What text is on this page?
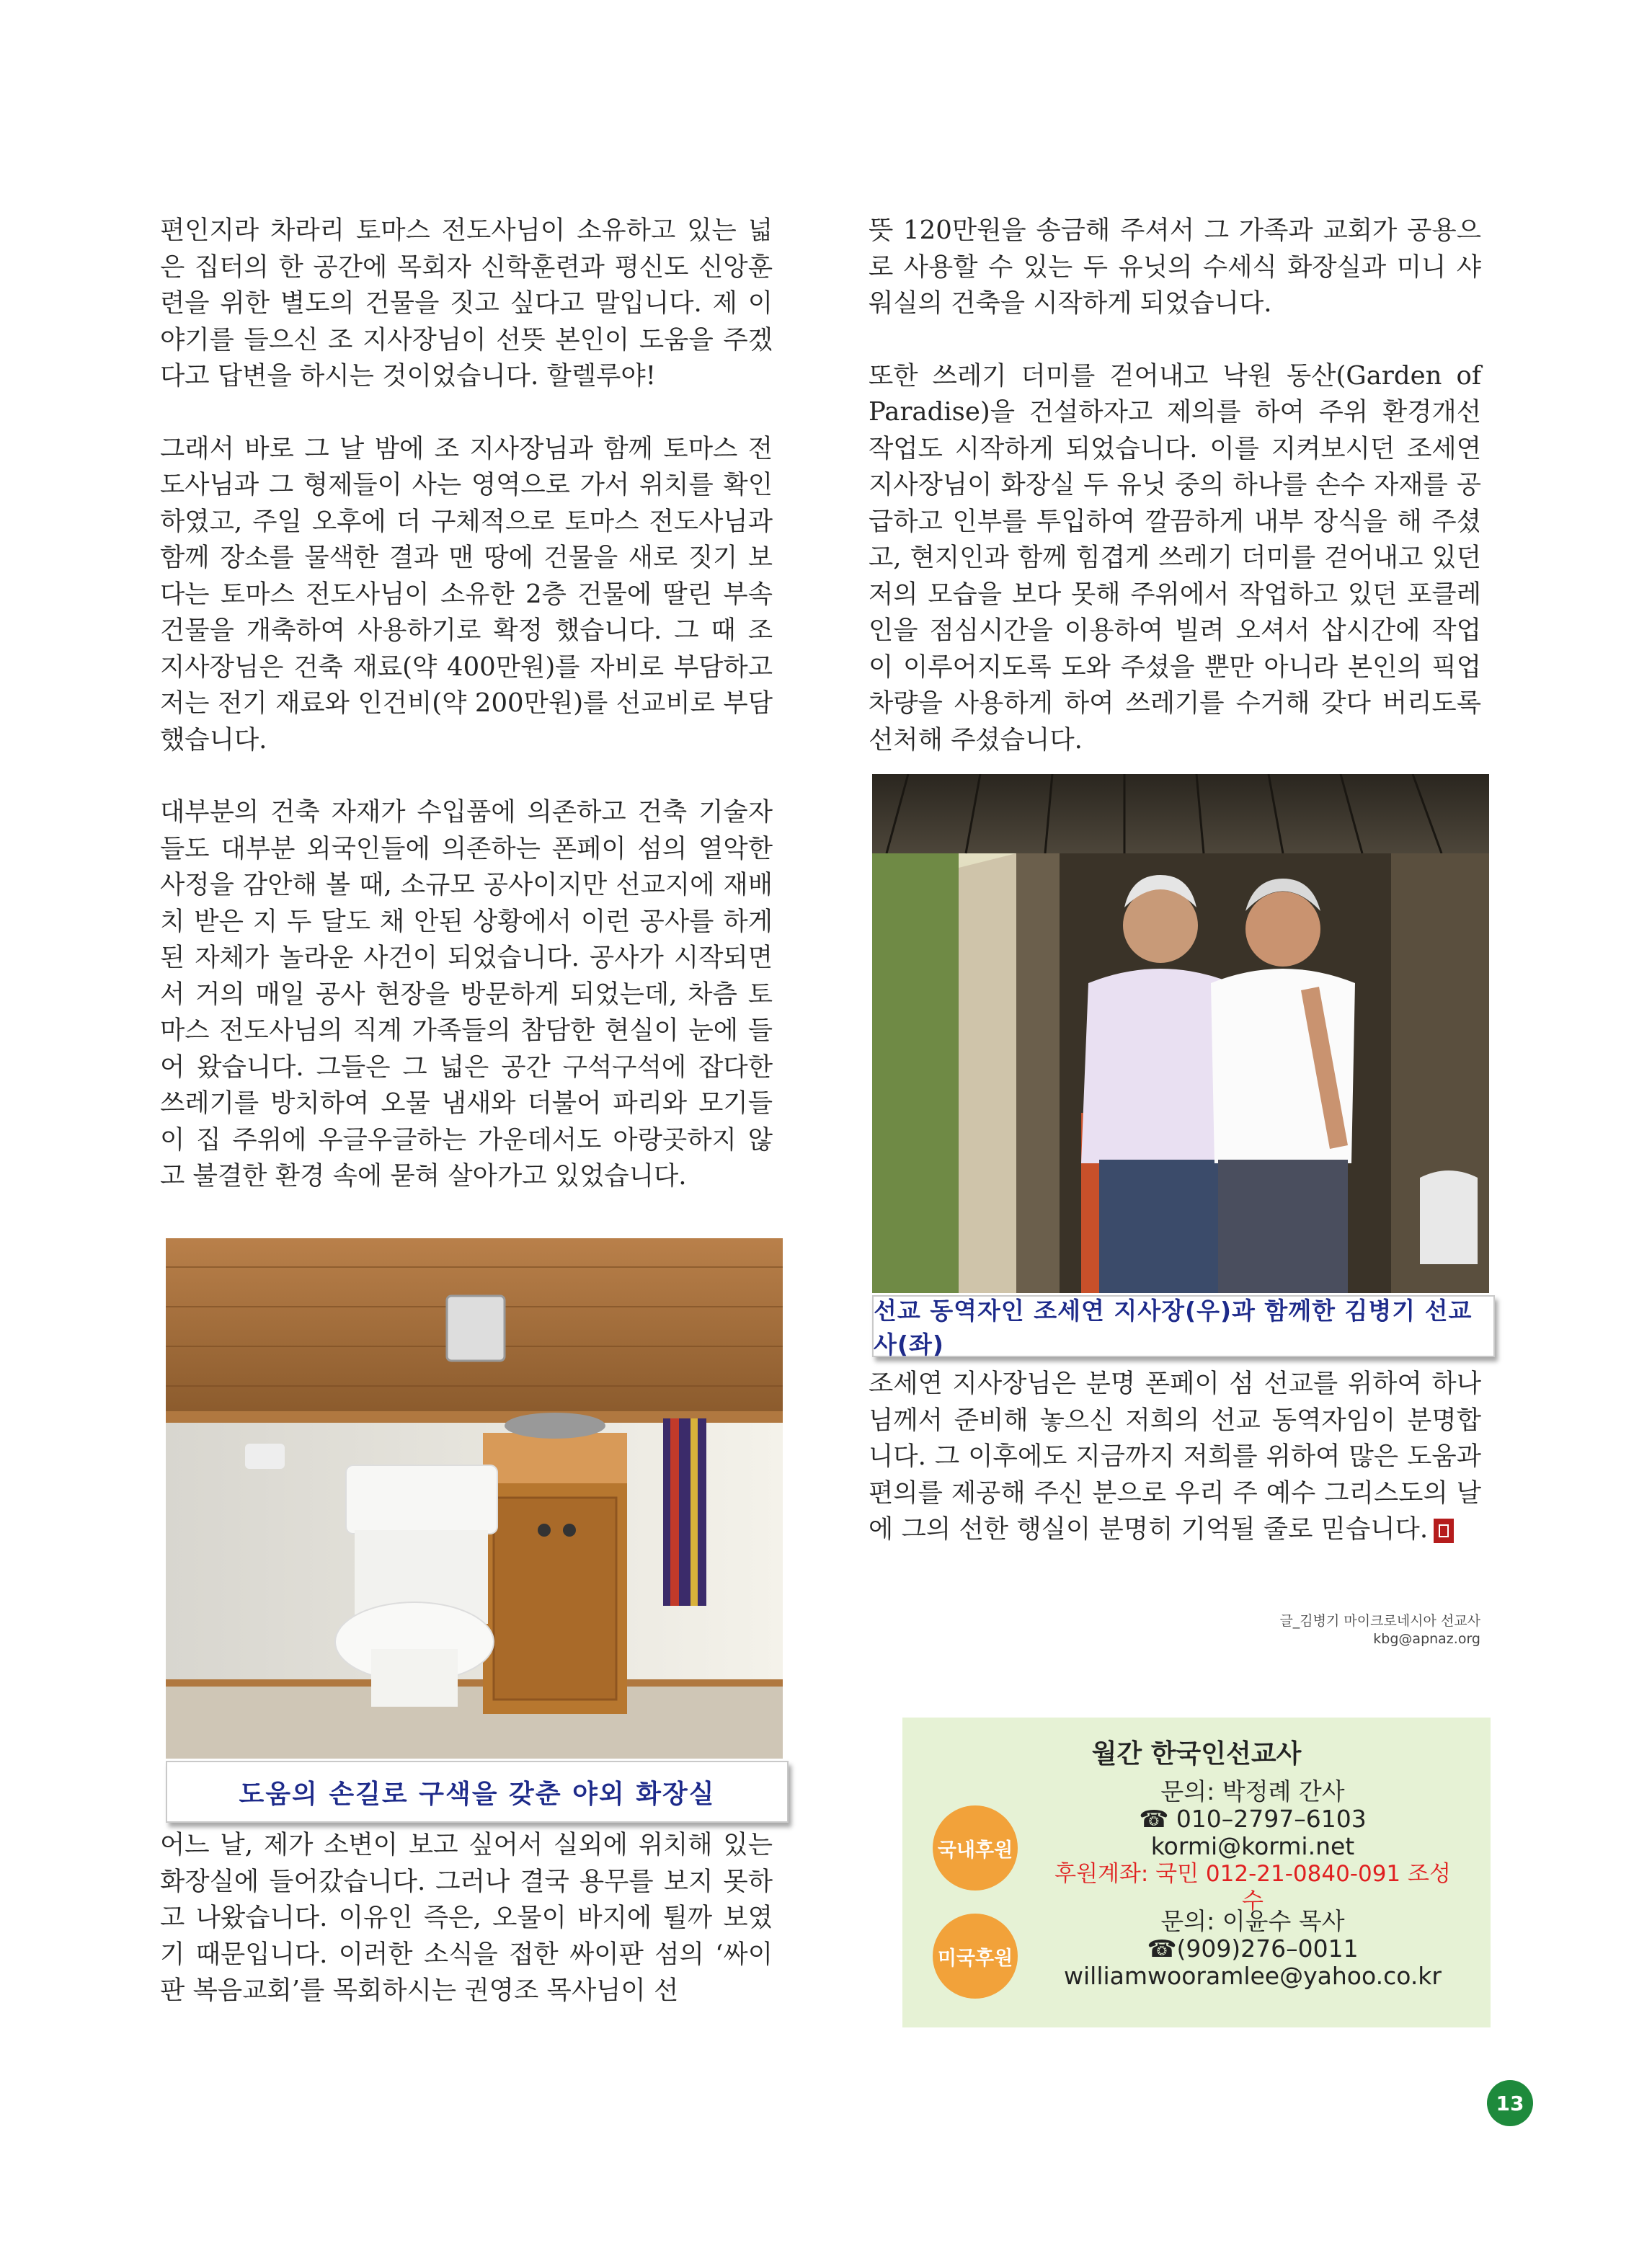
편인지라 차라리 토마스 전도사님이 소유하고 있는 넓은 집터의 한 공간에 목회자 신학훈련과 평신도 신앙훈련을 위한 별도의 건물을 짓고 싶다고 말입니다. 제 이야기를 들으신 조 지사장님이 선뜻 본인이 도움을 주겠다고 답변을 하시는 것이었습니다. 할렐루야!

그래서 바로 그 날 밤에 조 지사장님과 함께 토마스 전도사님과 그 형제들이 사는 영역으로 가서 위치를 확인하였고, 주일 오후에 더 구체적으로 토마스 전도사님과 함께 장소를 물색한 결과 맨 땅에 건물을 새로 짓기 보다는 토마스 전도사님이 소유한 2층 건물에 딸린 부속건물을 개축하여 사용하기로 확정 했습니다. 그 때 조 지사장님은 건축 재료(약 400만원)를 자비로 부담하고 저는 전기 재료와 인건비(약 200만원)를 선교비로 부담했습니다.

대부분의 건축 자재가 수입품에 의존하고 건축 기술자들도 대부분 외국인들에 의존하는 폰페이 섬의 열악한 사정을 감안해 볼 때, 소규모 공사이지만 선교지에 재배치 받은 지 두 달도 채 안된 상황에서 이런 공사를 하게 된 자체가 놀라운 사건이 되었습니다. 공사가 시작되면서 거의 매일 공사 현장을 방문하게 되었는데, 차츰 토마스 전도사님의 직계 가족들의 참담한 현실이 눈에 들어 왔습니다. 그들은 그 넓은 공간 구석구석에 잡다한 쓰레기를 방치하여 오물 냄새와 더불어 파리와 모기들이 집 주위에 우글우글하는 가운데서도 아랑곳하지 않고 불결한 환경 속에 묻혀 살아가고 있었습니다.

도움의 손길로 구색을 갖춘 야외 화장실

어느 날, 제가 소변이 보고 싶어서 실외에 위치해 있는 화장실에 들어갔습니다. 그러나 결국 용무를 보지 못하고 나왔습니다. 이유인 즉은, 오물이 바지에 튈까 보였기 때문입니다. 이러한 소식을 접한 싸이판 섬의 ‘싸이판 복음교회’를 목회하시는 권영조 목사님이 선

뜻 120만원을 송금해 주셔서 그 가족과 교회가 공용으로 사용할 수 있는 두 유닛의 수세식 화장실과 미니 샤워실의 건축을 시작하게 되었습니다.

또한 쓰레기 더미를 걷어내고 낙원 동산(Garden of Paradise)을 건설하자고 제의를 하여 주위 환경개선 작업도 시작하게 되었습니다. 이를 지켜보시던 조세연 지사장님이 화장실 두 유닛 중의 하나를 손수 자재를 공급하고 인부를 투입하여 깔끔하게 내부 장식을 해 주셨고, 현지인과 함께 힘겹게 쓰레기 더미를 걷어내고 있던 저의 모습을 보다 못해 주위에서 작업하고 있던 포클레인을 점심시간을 이용하여 빌려 오셔서 삽시간에 작업이 이루어지도록 도와 주셨을 뿐만 아니라 본인의 픽업차량을 사용하게 하여 쓰레기를 수거해 갖다 버리도록 선처해 주셨습니다.

선교 동역자인 조세연 지사장(우)과 함께한 김병기 선교사(좌)

조세연 지사장님은 분명 폰페이 섬 선교를 위하여 하나님께서 준비해 놓으신 저희의 선교 동역자임이 분명합니다. 그 이후에도 지금까지 저희를 위하여 많은 도움과 편의를 제공해 주신 분으로 우리 주 예수 그리스도의 날에 그의 선한 행실이 분명히 기억될 줄로 믿습니다.

글_김병기 마이크로네시아 선교사
kbg@apnaz.org
월간 한국인선교사
국내후원
문의: 박정례 간사
☎ 010–2797–6103
kormi@kormi.net
후원계좌: 국민 012-21-0840-091 조성수
미국후원
문의: 이윤수 목사
☎(909)276–0011
williamwooramlee@yahoo.co.kr
13
